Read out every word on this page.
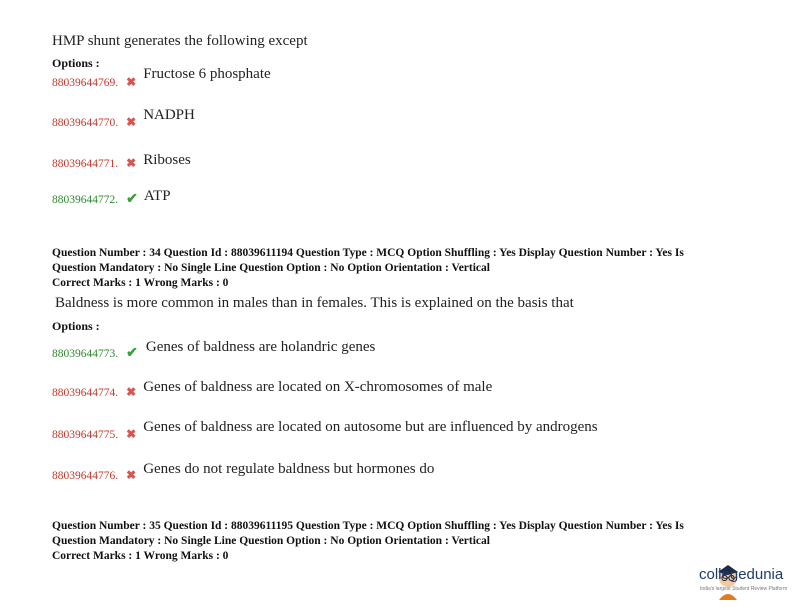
HMP shunt generates the following except
Options :
88039644769. ✖ Fructose 6 phosphate
88039644770. ✖ NADPH
88039644771. ✖ Riboses
88039644772. ✔ ATP
Question Number : 34 Question Id : 88039611194 Question Type : MCQ Option Shuffling : Yes Display Question Number : Yes Is
Question Mandatory : No Single Line Question Option : No Option Orientation : Vertical
Correct Marks : 1 Wrong Marks : 0
Baldness is more common in males than in females. This is explained on the basis that
Options :
88039644773. ✔ Genes of baldness are holandric genes
88039644774. ✖ Genes of baldness are located on X-chromosomes of male
88039644775. ✖ Genes of baldness are located on autosome but are influenced by androgens
88039644776. ✖ Genes do not regulate baldness but hormones do
Question Number : 35 Question Id : 88039611195 Question Type : MCQ Option Shuffling : Yes Display Question Number : Yes Is
Question Mandatory : No Single Line Question Option : No Option Orientation : Vertical
Correct Marks : 1 Wrong Marks : 0
collegedunia
India's largest Student Review Platform
